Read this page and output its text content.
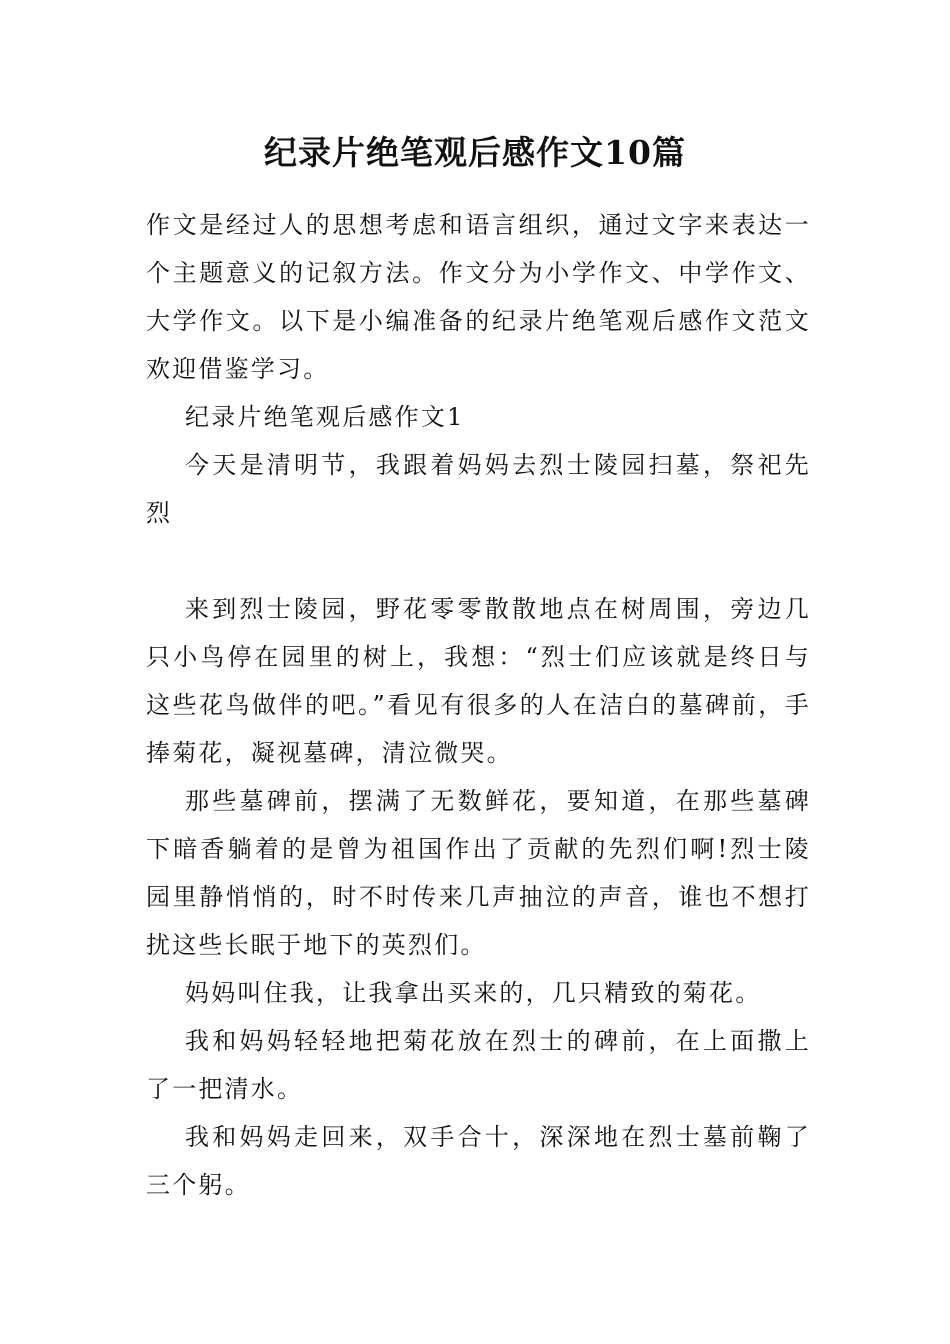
纪录片绝笔观后感作文10篇

作文是经过人的思想考虑和语言组织，通过文字来表达一个主题意义的记叙方法。作文分为小学作文、中学作文、大学作文。以下是小编准备的纪录片绝笔观后感作文范文欢迎借鉴学习。

纪录片绝笔观后感作文1

今天是清明节，我跟着妈妈去烈士陵园扫墓，祭祀先烈

来到烈士陵园，野花零零散散地点在树周围，旁边几只小鸟停在园里的树上，我想：“烈士们应该就是终日与这些花鸟做伴的吧。”看见有很多的人在洁白的墓碑前，手捧菊花，凝视墓碑，清泣微哭。

那些墓碑前，摆满了无数鲜花，要知道，在那些墓碑下暗香躺着的是曾为祖国作出了贡献的先烈们啊!烈士陵园里静悄悄的，时不时传来几声抽泣的声音，谁也不想打扰这些长眠于地下的英烈们。

妈妈叫住我，让我拿出买来的，几只精致的菊花。

我和妈妈轻轻地把菊花放在烈士的碑前，在上面撒上了一把清水。

我和妈妈走回来，双手合十，深深地在烈士墓前鞠了三个躬。
